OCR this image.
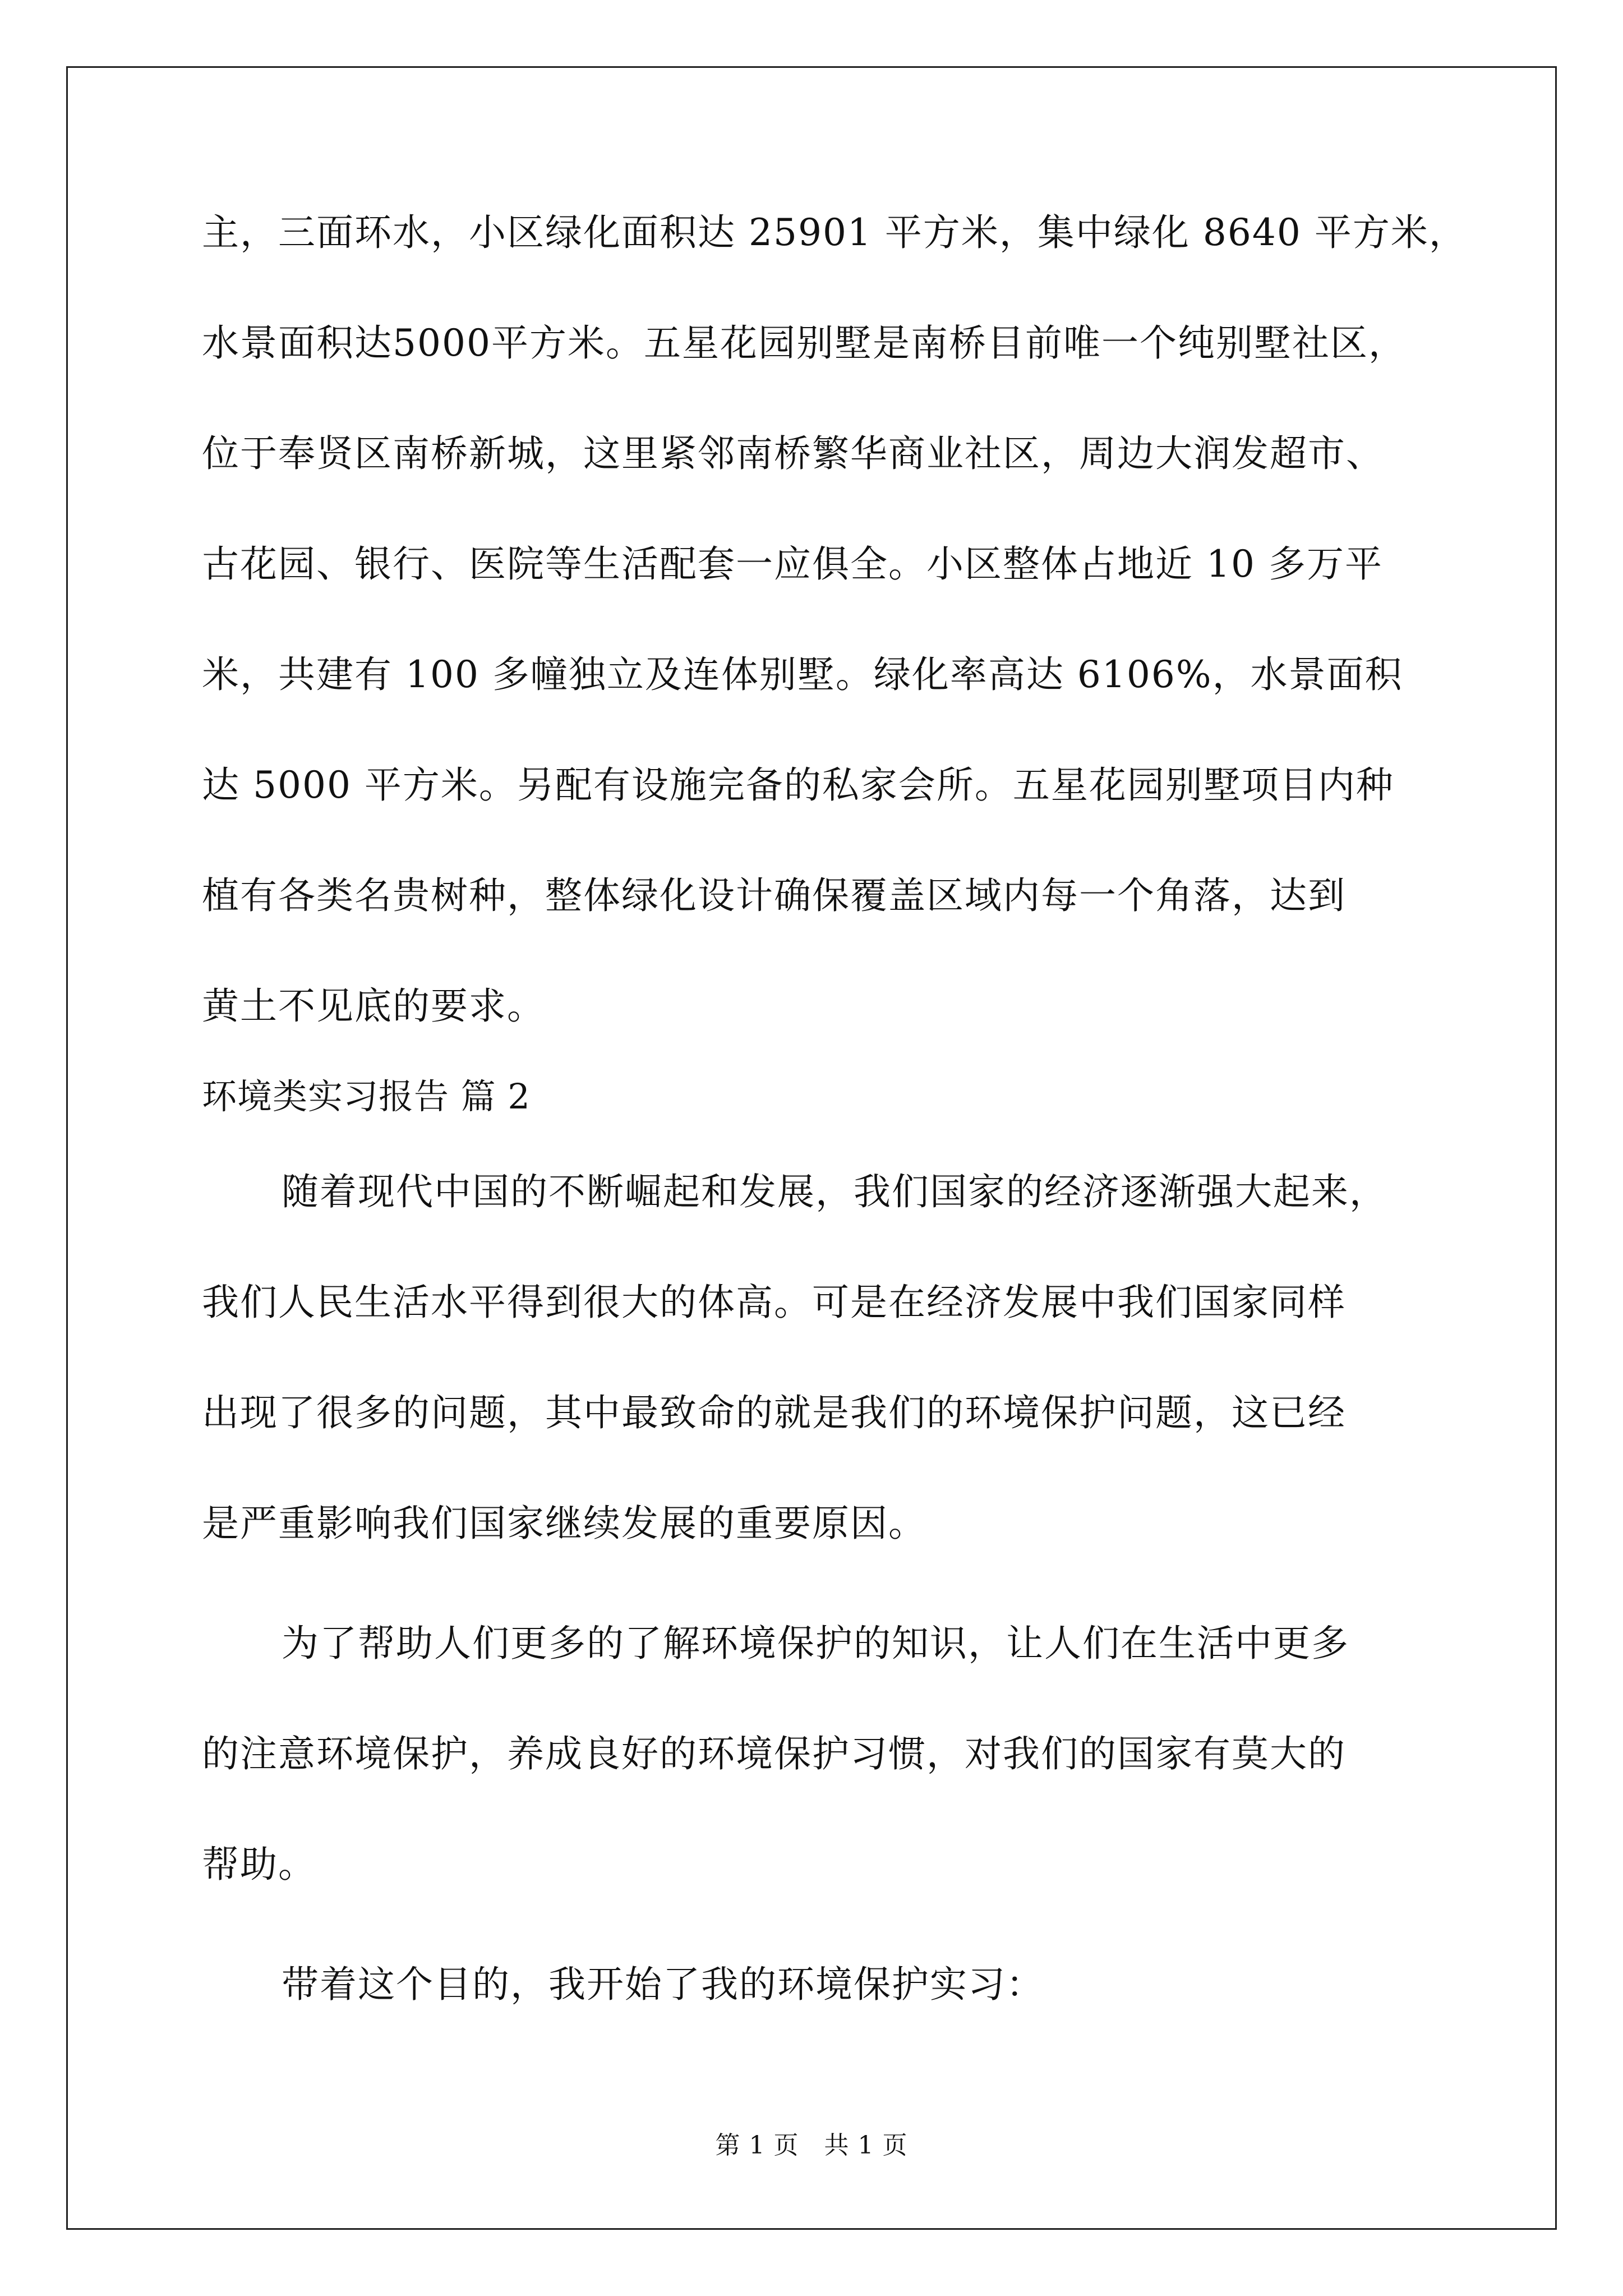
主，三面环水，小区绿化面积达 25901 平方米，集中绿化 8640 平方米，
水景面积达5000平方米。五星花园别墅是南桥目前唯一个纯别墅社区，
位于奉贤区南桥新城，这里紧邻南桥繁华商业社区，周边大润发超市、
古花园、银行、医院等生活配套一应俱全。小区整体占地近 10 多万平
米，共建有 100 多幢独立及连体别墅。绿化率高达 6106%，水景面积
达 5000 平方米。另配有设施完备的私家会所。五星花园别墅项目内种
植有各类名贵树种，整体绿化设计确保覆盖区域内每一个角落，达到
黄土不见底的要求。
环境类实习报告 篇 2
随着现代中国的不断崛起和发展，我们国家的经济逐渐强大起来，
我们人民生活水平得到很大的体高。可是在经济发展中我们国家同样
出现了很多的问题，其中最致命的就是我们的环境保护问题，这已经
是严重影响我们国家继续发展的重要原因。
为了帮助人们更多的了解环境保护的知识，让人们在生活中更多
的注意环境保护，养成良好的环境保护习惯，对我们的国家有莫大的
帮助。
带着这个目的，我开始了我的环境保护实习：
第 1 页　共 1 页
